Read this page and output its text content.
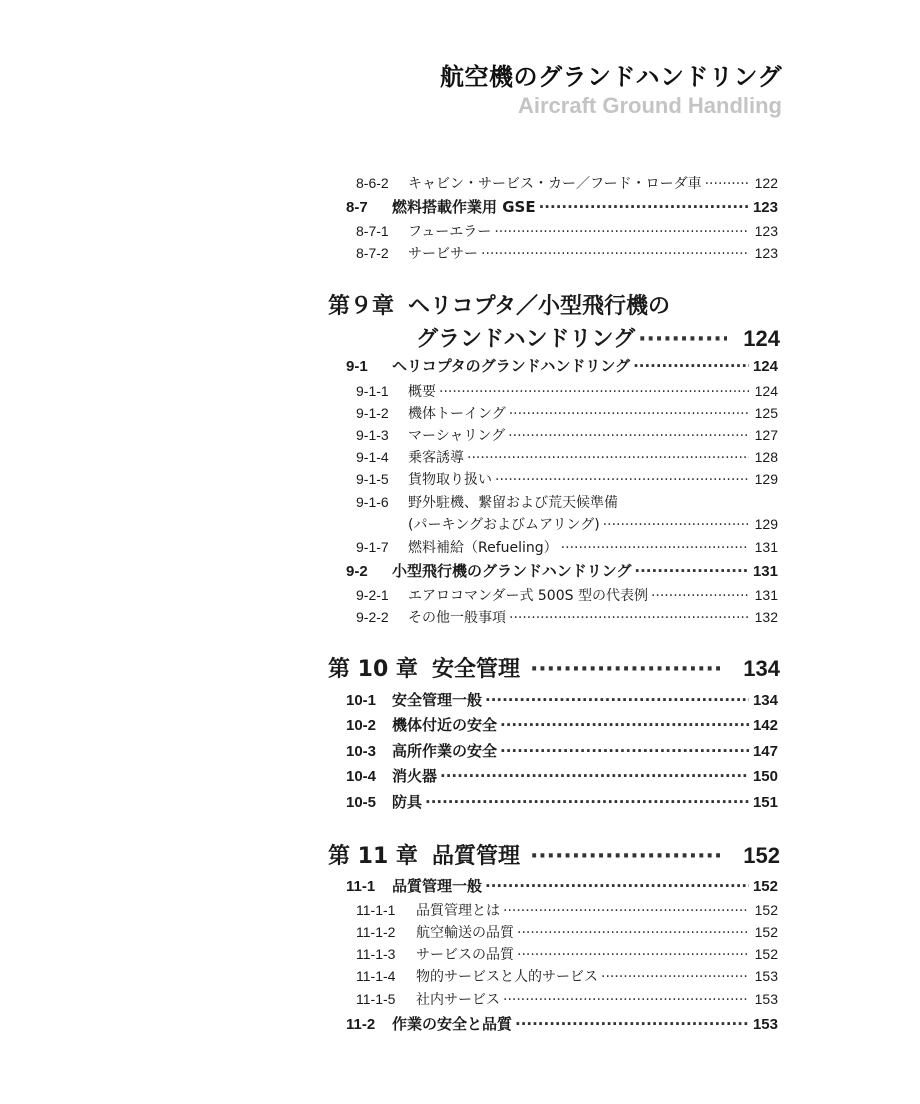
航空機のグランドハンドリング
Aircraft Ground Handling
8-6-2	キャビン・サービス・カー／フード・ローダ車 ·····	122
8-7	燃料搭載作業用 GSE ·····	123
8-7-1	フューエラー ·····	123
8-7-2	サービサー ·····	123
第９章 ヘリコプタ／小型飛行機の
グランドハンドリング ·····	124
9-1	ヘリコプタのグランドハンドリング ·····	124
9-1-1	概要 ·····	124
9-1-2	機体トーイング ·····	125
9-1-3	マーシャリング ·····	127
9-1-4	乗客誘導 ·····	128
9-1-5	貨物取り扱い ·····	129
9-1-6	野外駐機、繋留および荒天候準備
(パーキングおよびムアリング) ·····	129
9-1-7	燃料補給（Refueling） ·····	131
9-2	小型飛行機のグランドハンドリング ·····	131
9-2-1	エアロコマンダー式 500S 型の代表例 ·····	131
9-2-2	その他一般事項 ·····	132
第 10 章 安全管理 ·····	134
10-1	安全管理一般 ·····	134
10-2	機体付近の安全 ·····	142
10-3	高所作業の安全 ·····	147
10-4	消火器 ·····	150
10-5	防具 ·····	151
第 11 章 品質管理 ·····	152
11-1	品質管理一般 ·····	152
11-1-1	品質管理とは ·····	152
11-1-2	航空輸送の品質 ·····	152
11-1-3	サービスの品質 ·····	152
11-1-4	物的サービスと人的サービス ·····	153
11-1-5	社内サービス ·····	153
11-2	作業の安全と品質 ·····	153
